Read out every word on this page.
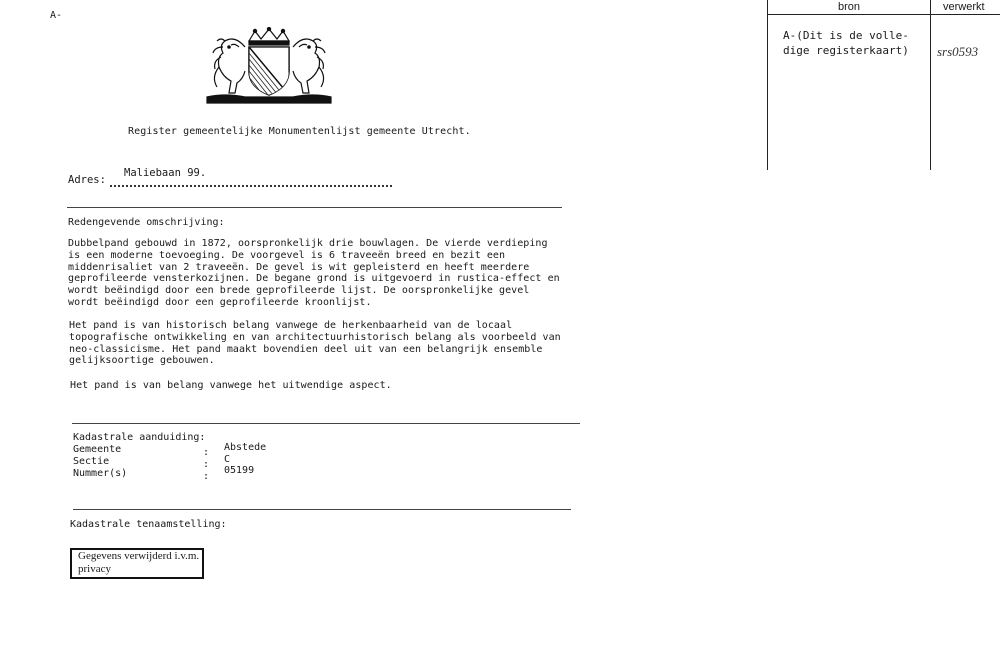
A-
Register gemeentelijke Monumentenlijst gemeente Utrecht.
Adres:
Maliebaan 99.
Redengevende omschrijving:
Dubbelpand gebouwd in 1872, oorspronkelijk drie bouwlagen. De vierde verdieping
is een moderne toevoeging. De voorgevel is 6 traveeën breed en bezit een
middenrisaliet van 2 traveeën. De gevel is wit gepleisterd en heeft meerdere
geprofileerde vensterkozijnen. De begane grond is uitgevoerd in rustica-effect en
wordt beëindigd door een brede geprofileerde lijst. De oorspronkelijke gevel
wordt beëindigd door een geprofileerde kroonlijst.
Het pand is van historisch belang vanwege de herkenbaarheid van de locaal
topografische ontwikkeling en van architectuurhistorisch belang als voorbeeld van
neo-classicisme. Het pand maakt bovendien deel uit van een belangrijk ensemble
gelijksoortige gebouwen.
Het pand is van belang vanwege het uitwendige aspect.
Kadastrale aanduiding:
Gemeente	: Abstede
Sectie	: C
Nummer(s)	:
05199
Kadastrale tenaamstelling:
Gegevens verwijderd i.v.m. privacy
bron	verwerkt
A-(Dit is de volle-
dige registerkaart) srs0593
